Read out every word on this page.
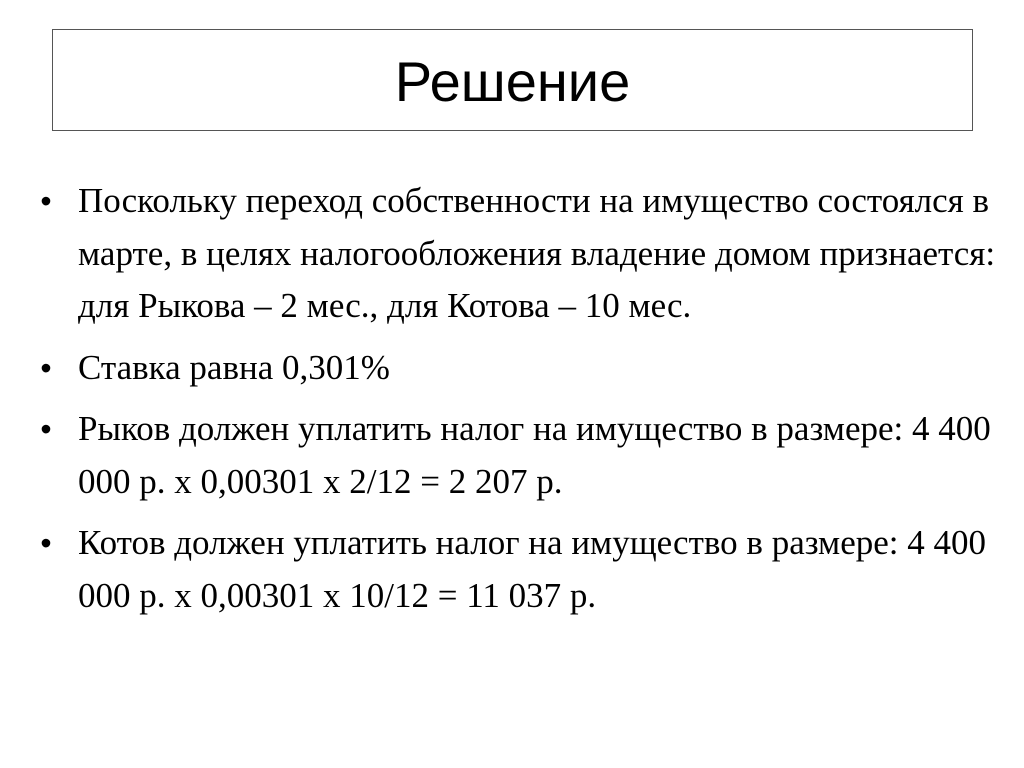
Решение
• Поскольку переход собственности на имущество состоялся в марте, в целях налогообложения владение домом признается: для Рыкова – 2 мес., для Котова – 10 мес.
• Ставка равна 0,301%
• Рыков должен уплатить налог на имущество в размере: 4 400 000 р. х 0,00301 х 2/12 = 2 207 р.
• Котов должен уплатить налог на имущество в размере: 4 400 000 р. х 0,00301 х 10/12 = 11 037 р.
